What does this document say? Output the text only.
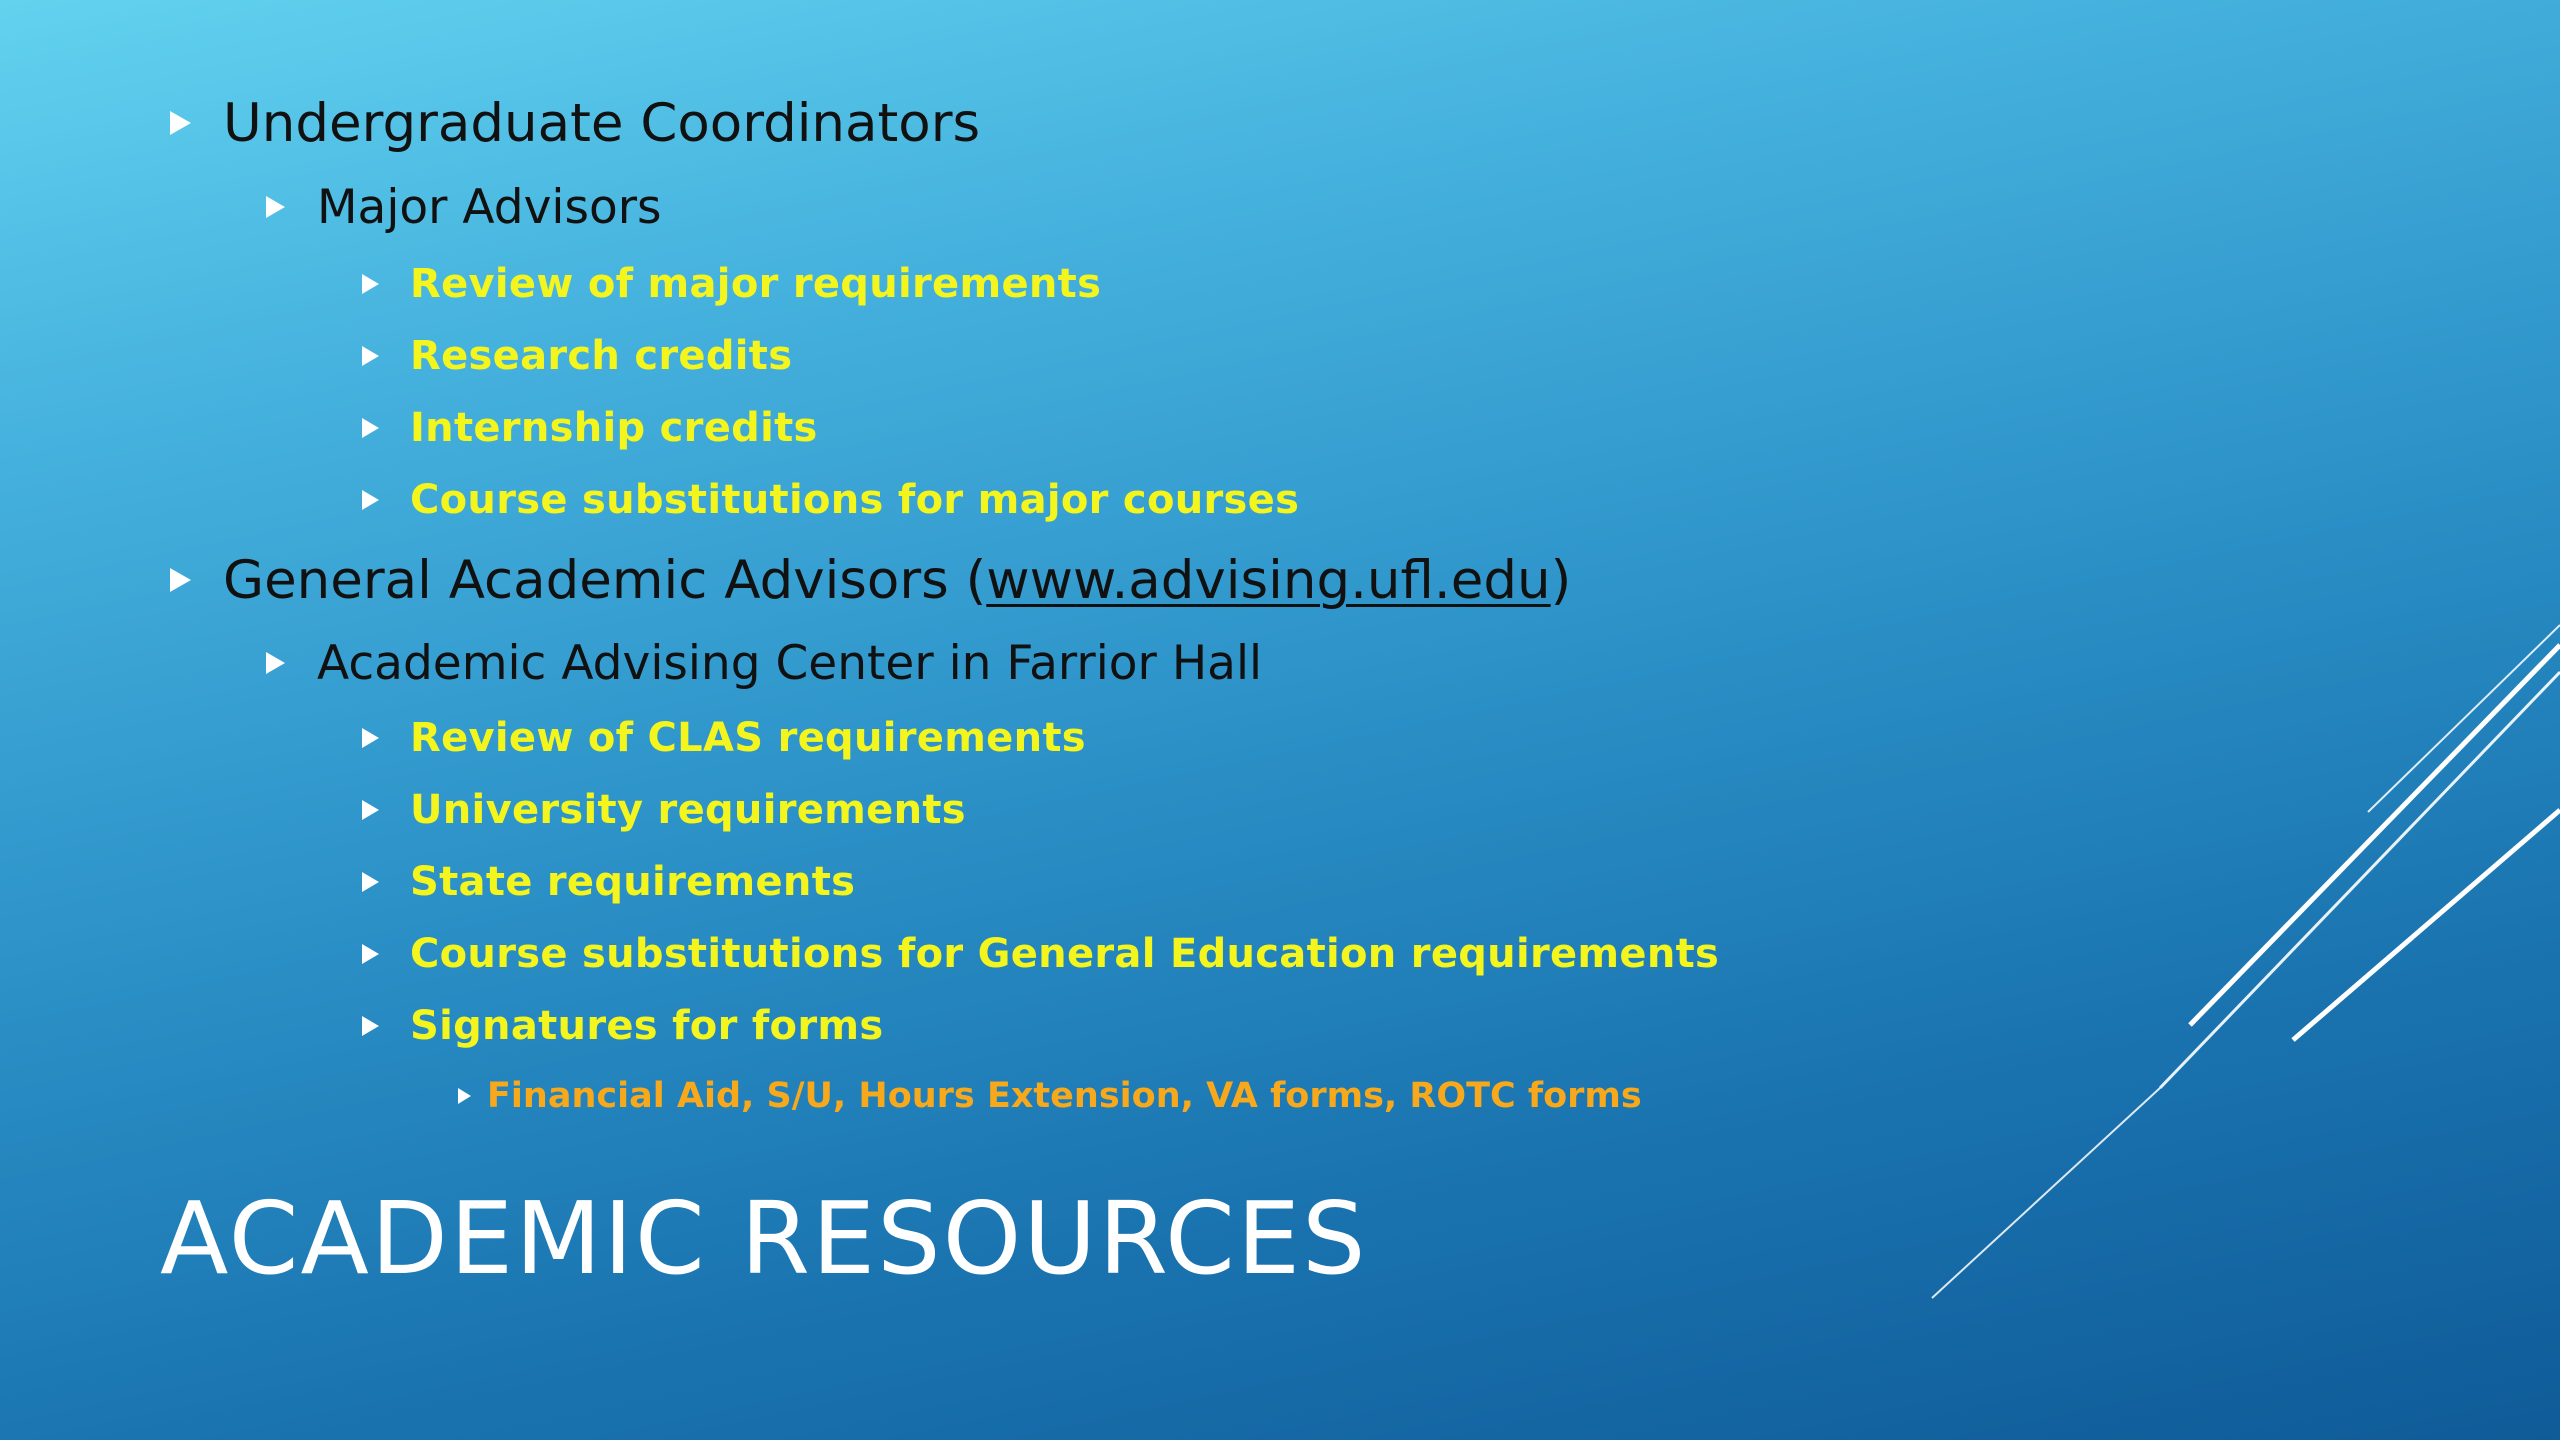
Undergraduate Coordinators
Major Advisors
Review of major requirements
Research credits
Internship credits
Course substitutions for major courses
General Academic Advisors (www.advising.ufl.edu)
Academic Advising Center in Farrior Hall
Review of CLAS requirements
University requirements
State requirements
Course substitutions for General Education requirements
Signatures for forms
Financial Aid, S/U, Hours Extension, VA forms, ROTC forms
ACADEMIC RESOURCES
